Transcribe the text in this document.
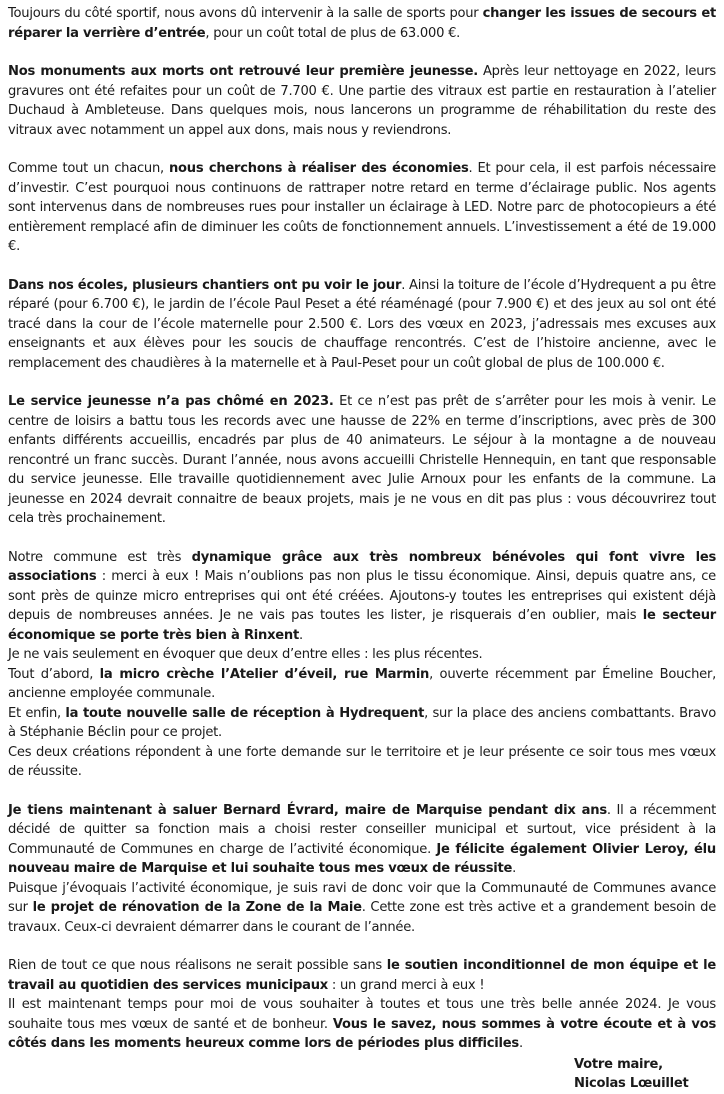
Toujours du côté sportif, nous avons dû intervenir à la salle de sports pour changer les issues de secours et réparer la verrière d’entrée, pour un coût total de plus de 63.000 €.

Nos monuments aux morts ont retrouvé leur première jeunesse. Après leur nettoyage en 2022, leurs gravures ont été refaites pour un coût de 7.700 €. Une partie des vitraux est partie en restauration à l’atelier Duchaud à Ambleteuse. Dans quelques mois, nous lancerons un programme de réhabilitation du reste des vitraux avec notamment un appel aux dons, mais nous y reviendrons.

Comme tout un chacun, nous cherchons à réaliser des économies. Et pour cela, il est parfois nécessaire d’investir. C’est pourquoi nous continuons de rattraper notre retard en terme d’éclairage public. Nos agents sont intervenus dans de nombreuses rues pour installer un éclairage à LED. Notre parc de photocopieurs a été entièrement remplacé afin de diminuer les coûts de fonctionnement annuels. L’investissement a été de 19.000 €.

Dans nos écoles, plusieurs chantiers ont pu voir le jour. Ainsi la toiture de l’école d’Hydrequent a pu être réparé (pour 6.700 €), le jardin de l’école Paul Peset a été réaménagé (pour 7.900 €) et des jeux au sol ont été tracé dans la cour de l’école maternelle pour 2.500 €. Lors des vœux en 2023, j’adressais mes excuses aux enseignants et aux élèves pour les soucis de chauffage rencontrés. C’est de l’histoire ancienne, avec le remplacement des chaudières à la maternelle et à Paul-Peset pour un coût global de plus de 100.000 €.

Le service jeunesse n’a pas chômé en 2023. Et ce n’est pas prêt de s’arrêter pour les mois à venir. Le centre de loisirs a battu tous les records avec une hausse de 22% en terme d’inscriptions, avec près de 300 enfants différents accueillis, encadrés par plus de 40 animateurs. Le séjour à la montagne a de nouveau rencontré un franc succès. Durant l’année, nous avons accueilli Christelle Hennequin, en tant que responsable du service jeunesse. Elle travaille quotidiennement avec Julie Arnoux pour les enfants de la commune. La jeunesse en 2024 devrait connaitre de beaux projets, mais je ne vous en dit pas plus : vous découvrirez tout cela très prochainement.

Notre commune est très dynamique grâce aux très nombreux bénévoles qui font vivre les associations : merci à eux ! Mais n’oublions pas non plus le tissu économique. Ainsi, depuis quatre ans, ce sont près de quinze micro entreprises qui ont été créées. Ajoutons-y toutes les entreprises qui existent déjà depuis de nombreuses années. Je ne vais pas toutes les lister, je risquerais d’en oublier, mais le secteur économique se porte très bien à Rinxent.

Je ne vais seulement en évoquer que deux d’entre elles : les plus récentes.

Tout d’abord, la micro crèche l’Atelier d’éveil, rue Marmin, ouverte récemment par Émeline Boucher, ancienne employée communale.

Et enfin, la toute nouvelle salle de réception à Hydrequent, sur la place des anciens combattants. Bravo à Stéphanie Béclin pour ce projet.

Ces deux créations répondent à une forte demande sur le territoire et je leur présente ce soir tous mes vœux de réussite.

Je tiens maintenant à saluer Bernard Évrard, maire de Marquise pendant dix ans. Il a récemment décidé de quitter sa fonction mais a choisi rester conseiller municipal et surtout, vice président à la Communauté de Communes en charge de l’activité économique. Je félicite également Olivier Leroy, élu nouveau maire de Marquise et lui souhaite tous mes vœux de réussite.

Puisque j’évoquais l’activité économique, je suis ravi de donc voir que la Communauté de Communes avance sur le projet de rénovation de la Zone de la Maie. Cette zone est très active et a grandement besoin de travaux. Ceux-ci devraient démarrer dans le courant de l’année.

Rien de tout ce que nous réalisons ne serait possible sans le soutien inconditionnel de mon équipe et le travail au quotidien des services municipaux : un grand merci à eux !

Il est maintenant temps pour moi de vous souhaiter à toutes et tous une très belle année 2024. Je vous souhaite tous mes vœux de santé et de bonheur. Vous le savez, nous sommes à votre écoute et à vos côtés dans les moments heureux comme lors de périodes plus difficiles.

Votre maire,
Nicolas Lœuillet
